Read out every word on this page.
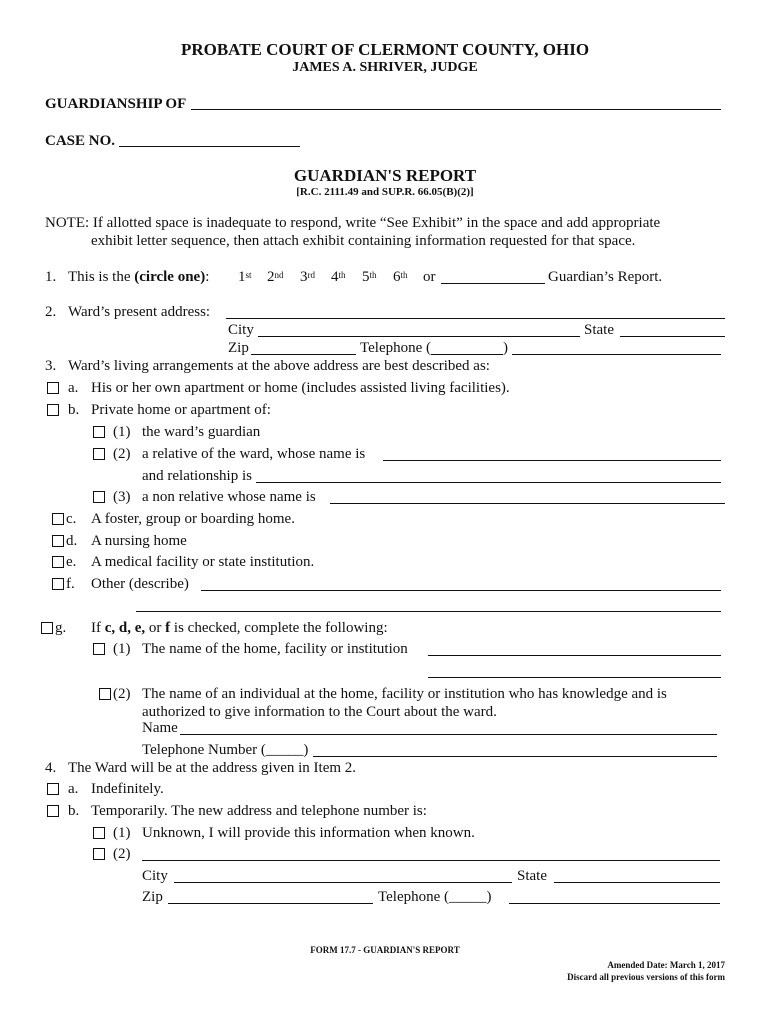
PROBATE COURT OF CLERMONT COUNTY, OHIO
JAMES A. SHRIVER, JUDGE
GUARDIANSHIP OF
CASE NO.
GUARDIAN'S REPORT
[R.C. 2111.49 and SUP.R. 66.05(B)(2)]
NOTE: If allotted space is inadequate to respond, write “See Exhibit” in the space and add appropriate
exhibit letter sequence, then attach exhibit containing information requested for that space.
1. This is the (circle one): 1st 2nd 3rd 4th 5th 6th or	Guardian’s Report.
2. Ward’s present address:
City	State
Zip	Telephone (	)
3. Ward’s living arrangements at the above address are best described as:
a. His or her own apartment or home (includes assisted living facilities).
b. Private home or apartment of:
(1) the ward’s guardian
(2) a relative of the ward, whose name is
and relationship is
(3) a non relative whose name is
c. A foster, group or boarding home.
d. A nursing home
e. A medical facility or state institution.
f. Other (describe)
g. If c, d, e, or f is checked, complete the following:
(1) The name of the home, facility or institution
(2) The name of an individual at the home, facility or institution who has knowledge and is
authorized to give information to the Court about the ward.
Name
Telephone Number (_____)
4. The Ward will be at the address given in Item 2.
a. Indefinitely.
b. Temporarily. The new address and telephone number is:
(1) Unknown, I will provide this information when known.
(2)
City	State
Zip	Telephone (_____)
FORM 17.7 - GUARDIAN'S REPORT
Amended Date: March 1, 2017
Discard all previous versions of this form
